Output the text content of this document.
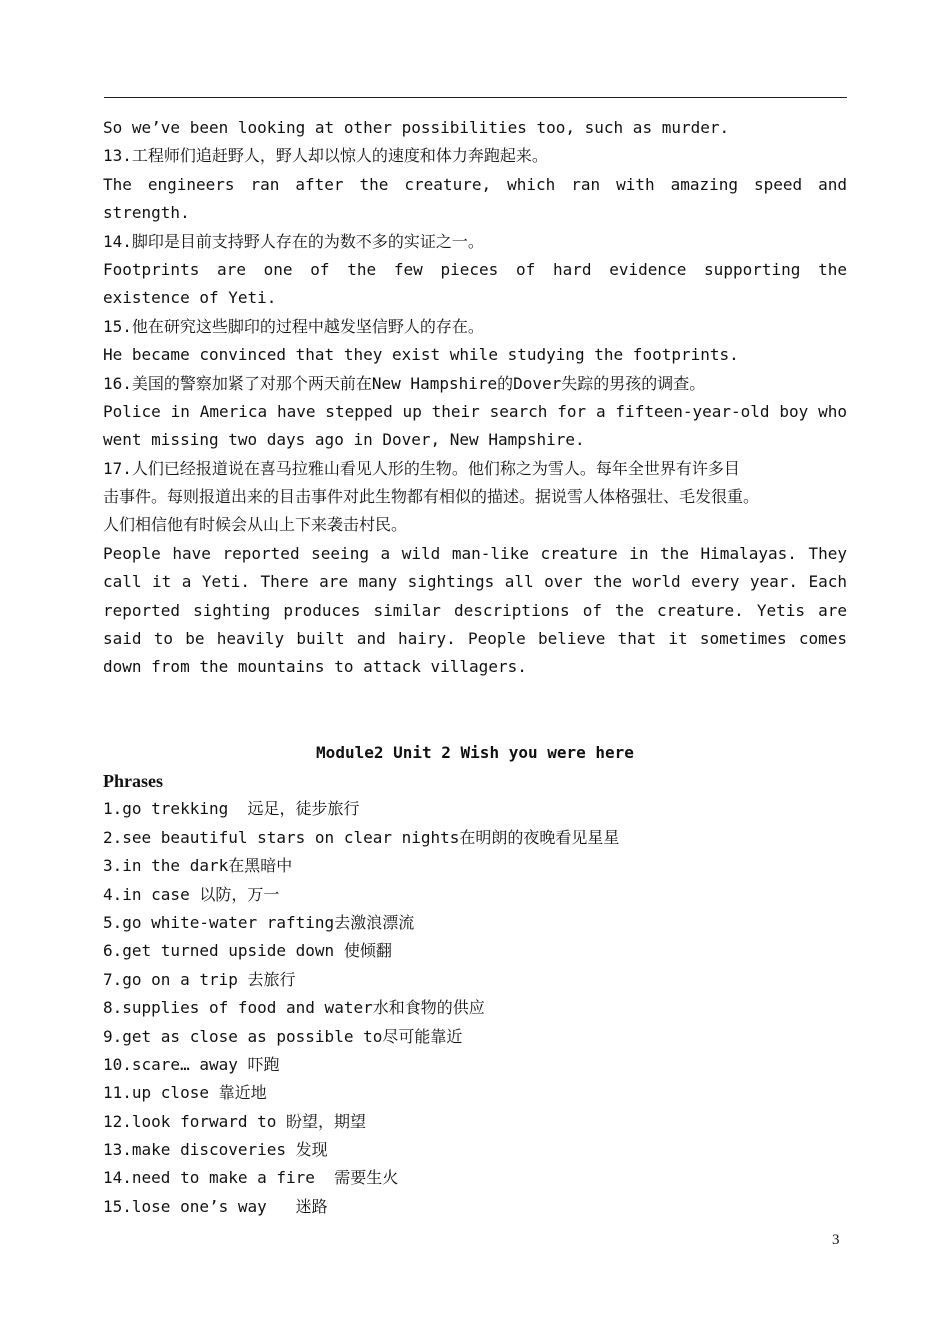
So we’ve been looking at other possibilities too, such as murder.
13.工程师们追赶野人，野人却以惊人的速度和体力奔跑起来。
The engineers ran after the creature, which ran with amazing speed and
strength.
14.脚印是目前支持野人存在的为数不多的实证之一。
Footprints are one of the few pieces of hard evidence supporting the
existence of Yeti.
15.他在研究这些脚印的过程中越发坚信野人的存在。
He became convinced that they exist while studying the footprints.
16.美国的警察加紧了对那个两天前在New Hampshire的Dover失踪的男孩的调查。
Police in America have stepped up their search for a fifteen-year-old boy who
went missing two days ago in Dover, New Hampshire.
17.人们已经报道说在喜马拉雅山看见人形的生物。他们称之为雪人。每年全世界有许多目
击事件。每则报道出来的目击事件对此生物都有相似的描述。据说雪人体格强壮、毛发很重。
人们相信他有时候会从山上下来袭击村民。
People have reported seeing a wild man-like creature in the Himalayas. They
call it a Yeti. There are many sightings all over the world every year. Each
reported sighting produces similar descriptions of the creature. Yetis are
said to be heavily built and hairy. People believe that it sometimes comes
down from the mountains to attack villagers.
Module2 Unit 2 Wish you were here
Phrases
1.go trekking  远足，徒步旅行
2.see beautiful stars on clear nights在明朗的夜晚看见星星
3.in the dark在黑暗中
4.in case 以防，万一
5.go white-water rafting去激浪漂流
6.get turned upside down 使倾翻
7.go on a trip 去旅行
8.supplies of food and water水和食物的供应
9.get as close as possible to尽可能靠近
10.scare… away 吓跑
11.up close 靠近地
12.look forward to 盼望，期望
13.make discoveries 发现
14.need to make a fire  需要生火
15.lose one’s way   迷路
3
